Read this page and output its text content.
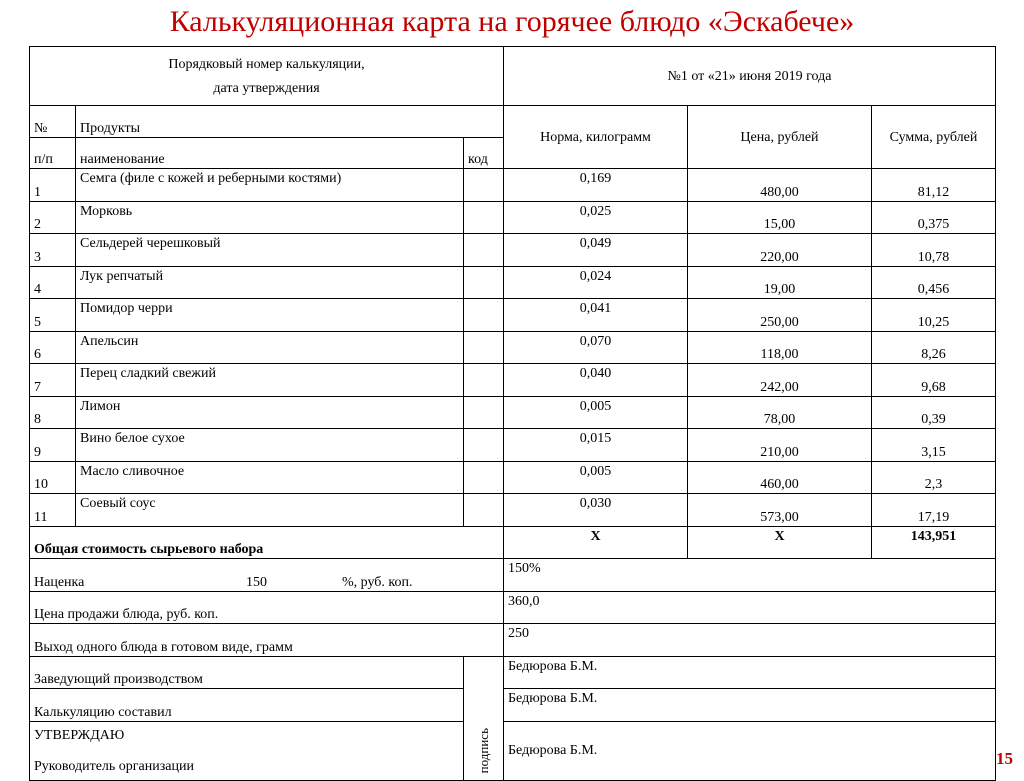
Калькуляционная карта на горячее блюдо «Эскабече»
Порядковый номер калькуляции,
дата утверждения			№1 от «21» июня 2019 года		
№	Продукты		Норма, килограмм	Цена, рублей	Сумма, рублей
п/п	наименование	код			
1	Семга (филе с кожей и реберными костями)		0,169	480,00	81,12
2	Морковь		0,025	15,00	0,375
3	Сельдерей черешковый		0,049	220,00	10,78
4	Лук репчатый		0,024	19,00	0,456
5	Помидор черри		0,041	250,00	10,25
6	Апельсин		0,070	118,00	8,26
7	Перец сладкий свежий		0,040	242,00	9,68
8	Лимон		0,005	78,00	0,39
9	Вино белое сухое		0,015	210,00	3,15
10	Масло сливочное		0,005	460,00	2,3
11	Соевый соус		0,030	573,00	17,19
Общая стоимость сырьевого набора			Х	Х	143,951
Наценка 150 %, руб. коп.			150%		
Цена продажи блюда, руб. коп.			360,0		
Выход одного блюда в готовом виде, грамм			250		
Заведующий производством		подпись	Бедюрова Б.М.		
Калькуляцию составил			Бедюрова Б.М.		

УТВЕРЖДАЮ
Руководитель организации			Бедюрова Б.М.			15
